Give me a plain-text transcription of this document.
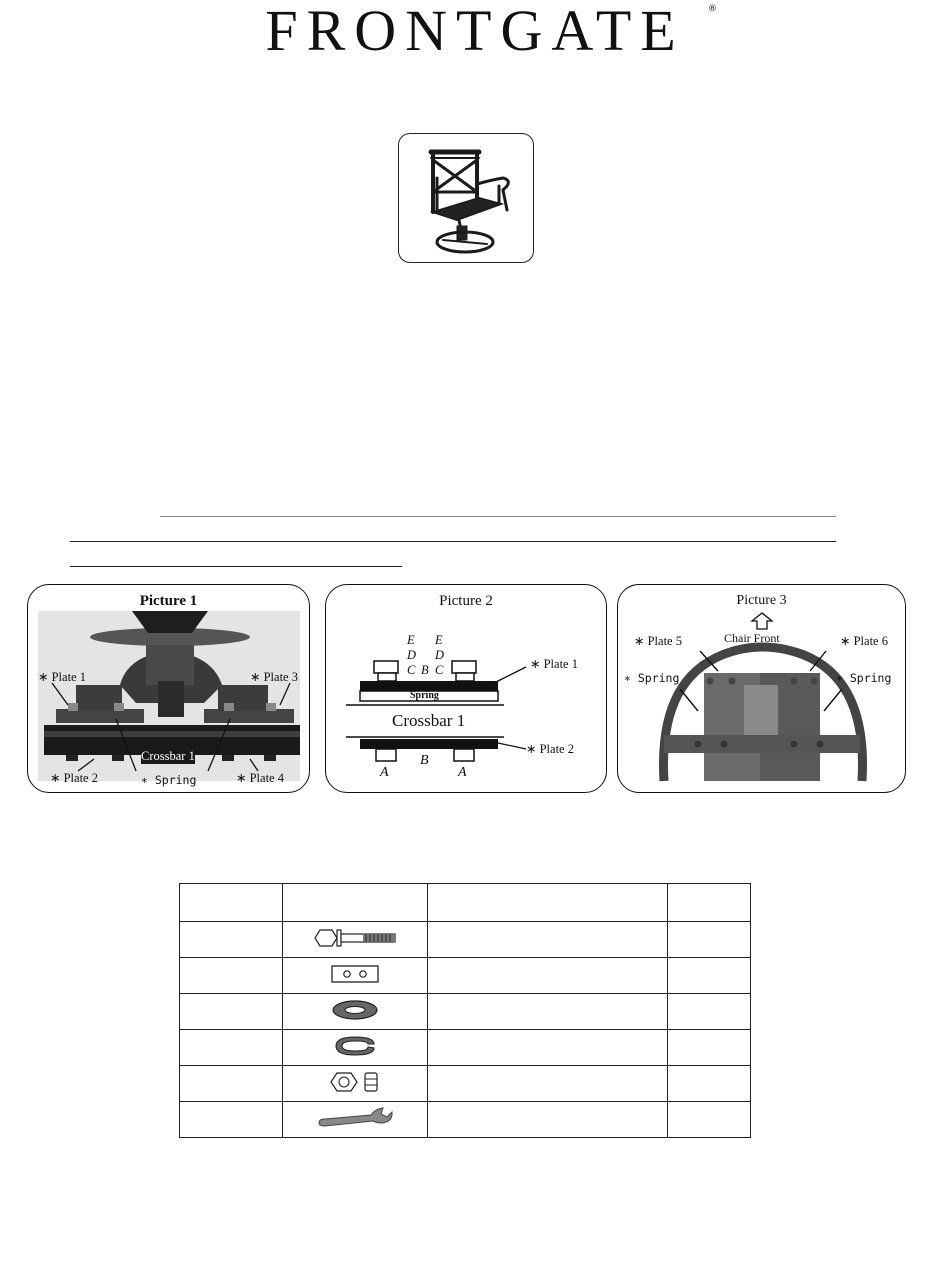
FRONTGATE	®
Picture 1
∗ Plate 1	∗ Plate 3
Crossbar 1
∗ Plate 2	∗ Spring	∗ Plate 4
Picture 2
E E
D D
C B C	∗ Plate 1
Spring
Crossbar 1
∗ Plate 2
A
B
A
Picture 3
Chair Front
∗ Plate 5	∗ Plate 6
∗ Spring	∗ Spring
